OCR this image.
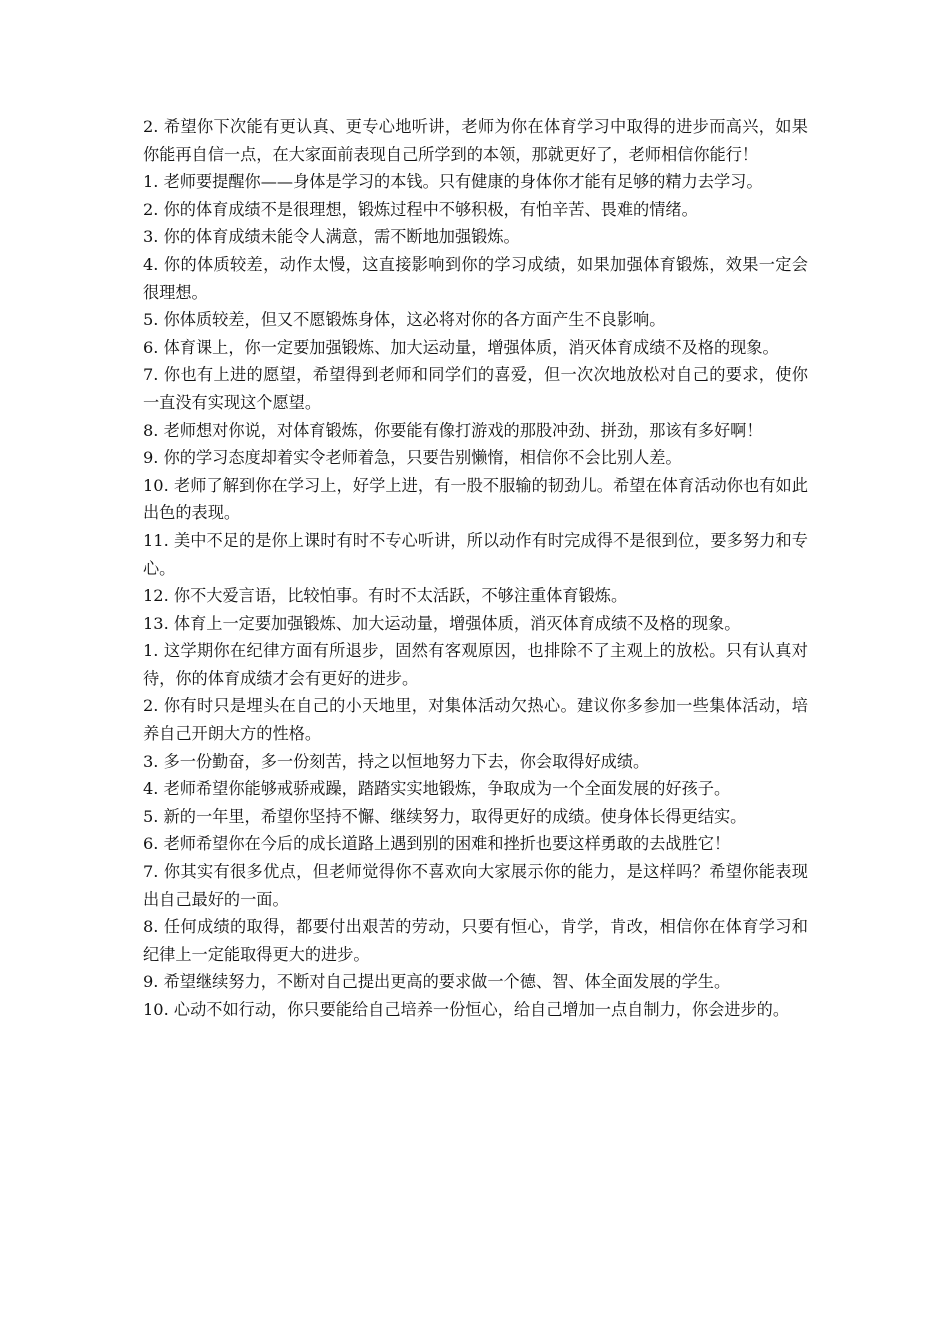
2. 希望你下次能有更认真、更专心地听讲，老师为你在体育学习中取得的进步而高兴，如果你能再自信一点，在大家面前表现自己所学到的本领，那就更好了，老师相信你能行！

1. 老师要提醒你——身体是学习的本钱。只有健康的身体你才能有足够的精力去学习。

2. 你的体育成绩不是很理想，锻炼过程中不够积极，有怕辛苦、畏难的情绪。

3. 你的体育成绩未能令人满意，需不断地加强锻炼。

4. 你的体质较差，动作太慢，这直接影响到你的学习成绩，如果加强体育锻炼，效果一定会很理想。

5. 你体质较差，但又不愿锻炼身体，这必将对你的各方面产生不良影响。

6. 体育课上，你一定要加强锻炼、加大运动量，增强体质，消灭体育成绩不及格的现象。

7. 你也有上进的愿望，希望得到老师和同学们的喜爱，但一次次地放松对自己的要求，使你一直没有实现这个愿望。

8. 老师想对你说，对体育锻炼，你要能有像打游戏的那股冲劲、拼劲，那该有多好啊！

9. 你的学习态度却着实令老师着急，只要告别懒惰，相信你不会比别人差。

10. 老师了解到你在学习上，好学上进，有一股不服输的韧劲儿。希望在体育活动你也有如此出色的表现。

11. 美中不足的是你上课时有时不专心听讲，所以动作有时完成得不是很到位，要多努力和专心。

12. 你不大爱言语，比较怕事。有时不太活跃，不够注重体育锻炼。

13. 体育上一定要加强锻炼、加大运动量，增强体质，消灭体育成绩不及格的现象。

1. 这学期你在纪律方面有所退步，固然有客观原因，也排除不了主观上的放松。只有认真对待，你的体育成绩才会有更好的进步。

2. 你有时只是埋头在自己的小天地里，对集体活动欠热心。建议你多参加一些集体活动，培养自己开朗大方的性格。

3. 多一份勤奋，多一份刻苦，持之以恒地努力下去，你会取得好成绩。

4. 老师希望你能够戒骄戒躁，踏踏实实地锻炼，争取成为一个全面发展的好孩子。

5. 新的一年里，希望你坚持不懈、继续努力，取得更好的成绩。使身体长得更结实。

6. 老师希望你在今后的成长道路上遇到别的困难和挫折也要这样勇敢的去战胜它！

7. 你其实有很多优点，但老师觉得你不喜欢向大家展示你的能力，是这样吗？希望你能表现出自己最好的一面。

8. 任何成绩的取得，都要付出艰苦的劳动，只要有恒心，肯学，肯改，相信你在体育学习和纪律上一定能取得更大的进步。

9. 希望继续努力，不断对自己提出更高的要求做一个德、智、体全面发展的学生。

10. 心动不如行动，你只要能给自己培养一份恒心，给自己增加一点自制力，你会进步的。
